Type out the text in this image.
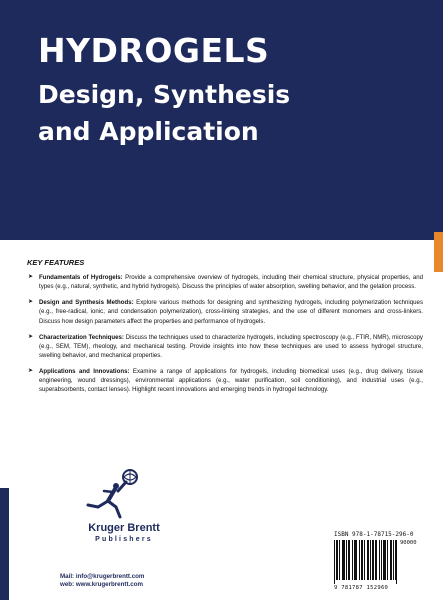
HYDROGELS
Design, Synthesis
and Application

KEY FEATURES

➤ Fundamentals of Hydrogels: Provide a comprehensive overview of hydrogels, including their chemical structure, physical properties, and types (e.g., natural, synthetic, and hybrid hydrogels). Discuss the principles of water absorption, swelling behavior, and the gelation process.
➤ Design and Synthesis Methods: Explore various methods for designing and synthesizing hydrogels, including polymerization techniques (e.g., free-radical, ionic, and condensation polymerization), cross-linking strategies, and the use of different monomers and cross-linkers. Discuss how design parameters affect the properties and performance of hydrogels.
➤ Characterization Techniques: Discuss the techniques used to characterize hydrogels, including spectroscopy (e.g., FTIR, NMR), microscopy (e.g., SEM, TEM), rheology, and mechanical testing. Provide insights into how these techniques are used to assess hydrogel structure, swelling behavior, and mechanical properties.
➤ Applications and Innovations: Examine a range of applications for hydrogels, including biomedical uses (e.g., drug delivery, tissue engineering, wound dressings), environmental applications (e.g., water purification, soil conditioning), and industrial uses (e.g., superabsorbents, contact lenses). Highlight recent innovations and emerging trends in hydrogel technology.

Kruger Brentt

Publishers

Mail: info@krugerbrentt.com
web: www.krugerbrentt.com

ISBN 978-1-78715-296-0

90000
9 781787 152960
